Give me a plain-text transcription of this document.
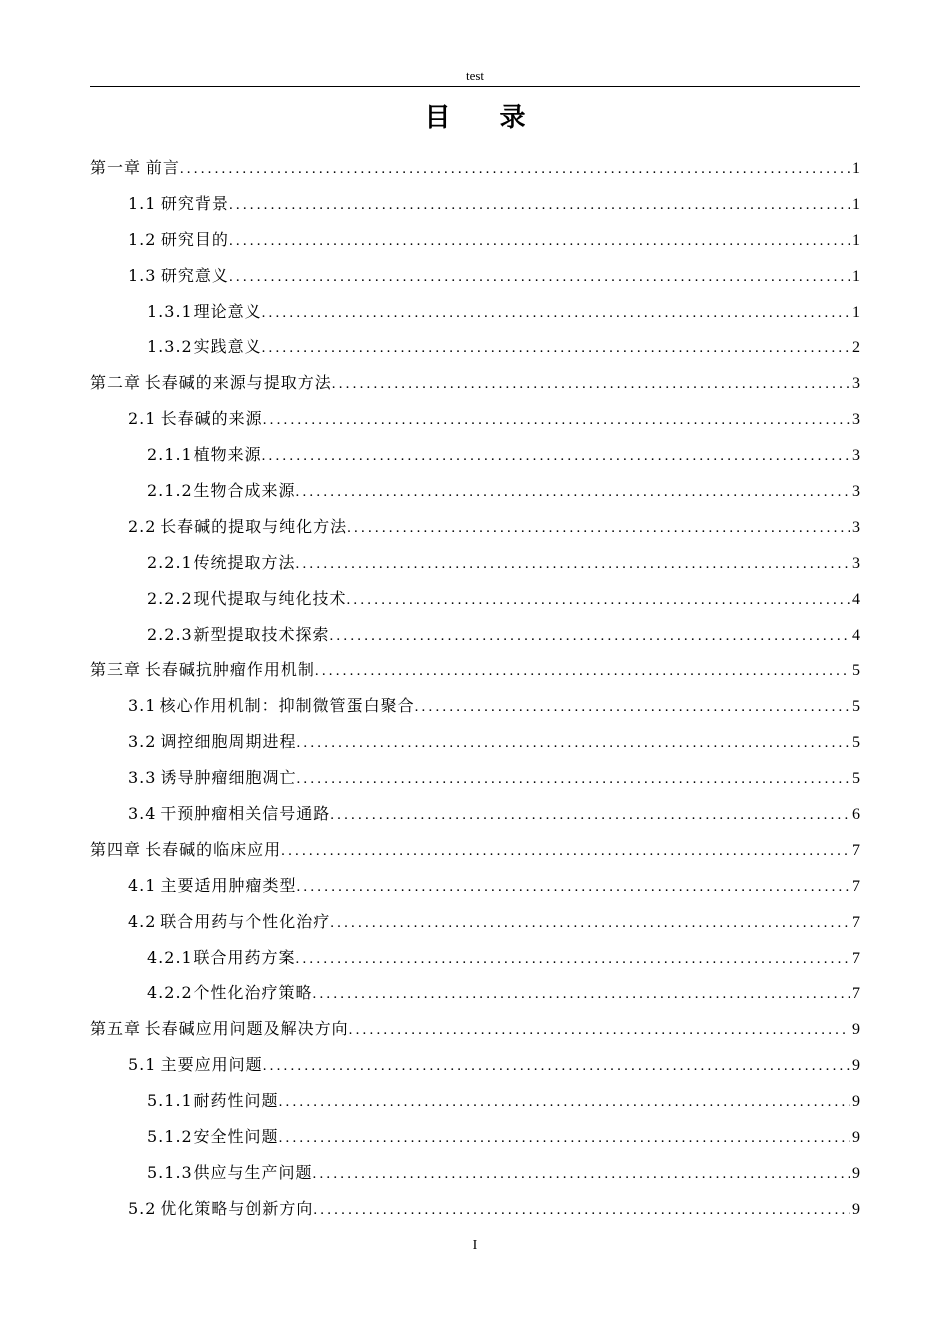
test
目 录
第一章 前言 .....	1
1.1 研究背景 .....	1
1.2 研究目的 .....	1
1.3 研究意义 .....	1
1.3.1 理论意义 .....	1
1.3.2 实践意义 .....	2
第二章 长春碱的来源与提取方法 .....	3
2.1 长春碱的来源 .....	3
2.1.1 植物来源 .....	3
2.1.2 生物合成来源 .....	3
2.2 长春碱的提取与纯化方法 .....	3
2.2.1 传统提取方法 .....	3
2.2.2 现代提取与纯化技术 .....	4
2.2.3 新型提取技术探索 .....	4
第三章 长春碱抗肿瘤作用机制 .....	5
3.1 核心作用机制：抑制微管蛋白聚合 .....	5
3.2 调控细胞周期进程 .....	5
3.3 诱导肿瘤细胞凋亡 .....	5
3.4 干预肿瘤相关信号通路 .....	6
第四章 长春碱的临床应用 .....	7
4.1 主要适用肿瘤类型 .....	7
4.2 联合用药与个性化治疗 .....	7
4.2.1 联合用药方案 .....	7
4.2.2 个性化治疗策略 .....	7
第五章 长春碱应用问题及解决方向 .....	9
5.1 主要应用问题 .....	9
5.1.1 耐药性问题 .....	9
5.1.2 安全性问题 .....	9
5.1.3 供应与生产问题 .....	9
5.2 优化策略与创新方向 .....	9
I
